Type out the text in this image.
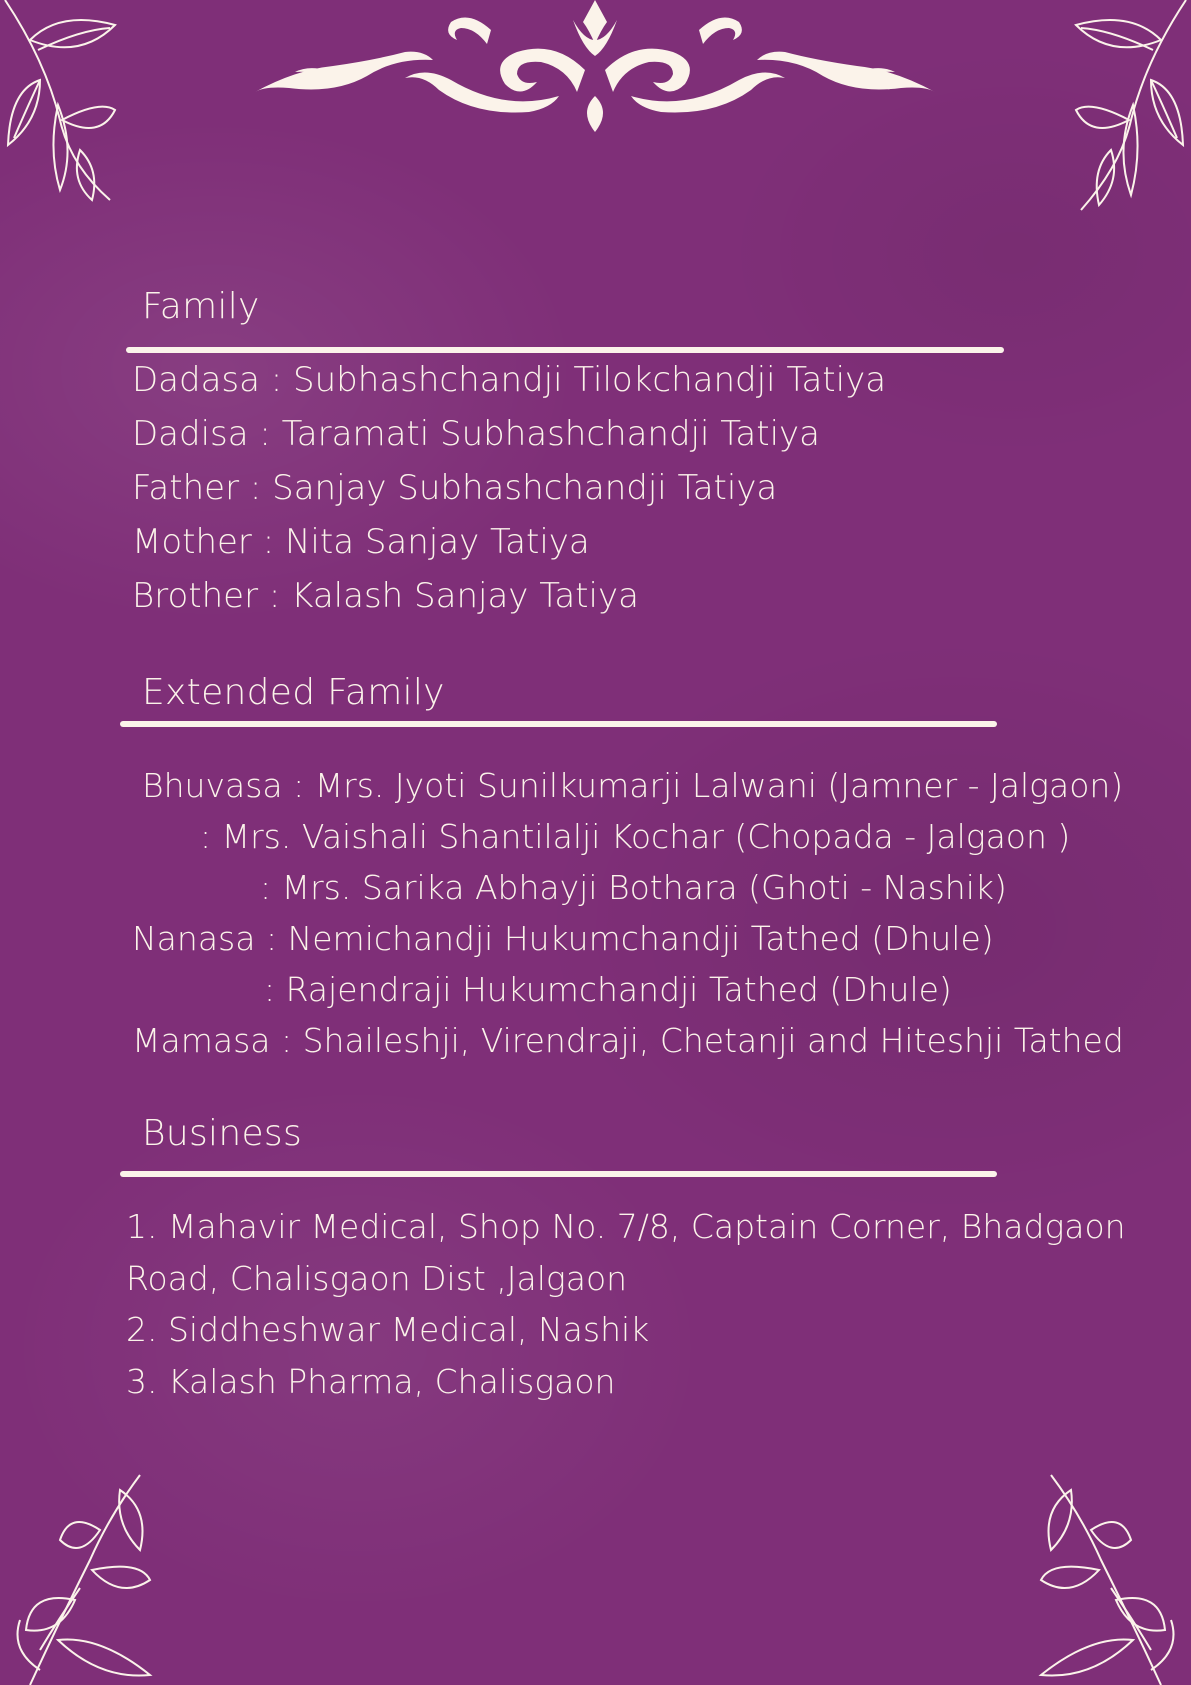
Family
Dadasa : Subhashchandji Tilokchandji Tatiya
Dadisa : Taramati Subhashchandji Tatiya
Father : Sanjay Subhashchandji Tatiya
Mother : Nita Sanjay Tatiya
Brother : Kalash Sanjay Tatiya
Extended Family
Bhuvasa : Mrs. Jyoti Sunilkumarji Lalwani (Jamner - Jalgaon)
: Mrs. Vaishali Shantilalji Kochar (Chopada - Jalgaon )
: Mrs. Sarika Abhayji Bothara (Ghoti - Nashik)
Nanasa : Nemichandji Hukumchandji Tathed (Dhule)
: Rajendraji Hukumchandji Tathed (Dhule)
Mamasa : Shaileshji, Virendraji, Chetanji and Hiteshji Tathed
Business
1. Mahavir Medical, Shop No. 7/8, Captain Corner, Bhadgaon
Road, Chalisgaon Dist ,Jalgaon
2. Siddheshwar Medical, Nashik
3. Kalash Pharma, Chalisgaon
